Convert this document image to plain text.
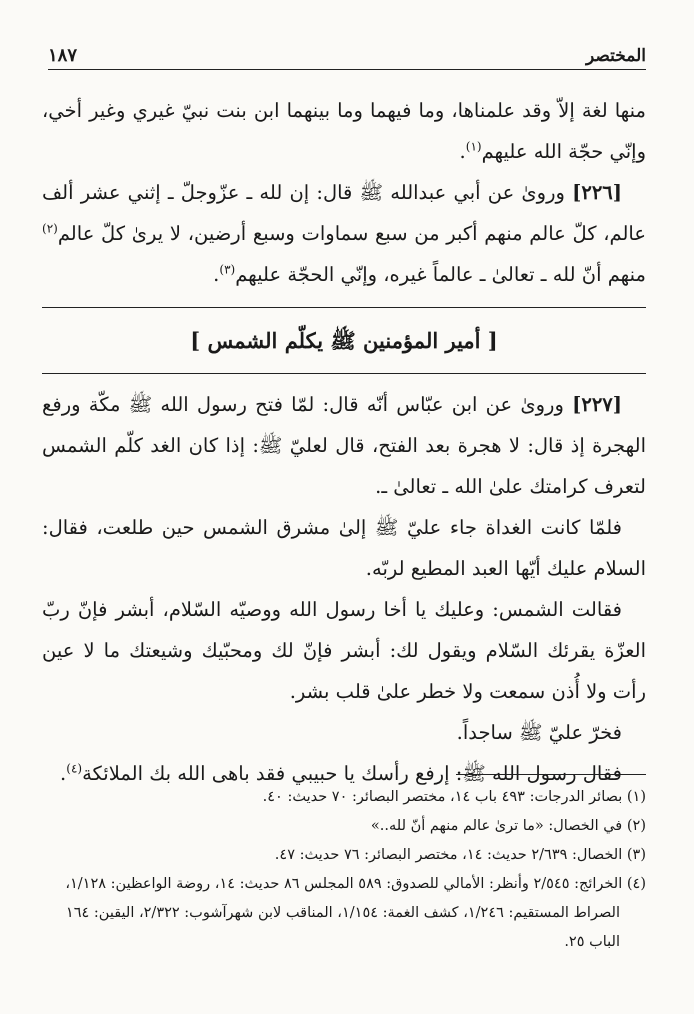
المختصر
١٨٧

منها لغة إلاّ وقد علمناها، وما فيهما وما بينهما ابن بنت نبيّ غيري وغير أخي، وإنّي حجّة الله عليهم$^{(١)}$.

[٢٢٦] وروىٰ عن أبي عبدالله ﷺ قال: إن لله ـ عزّوجلّ ـ إثني عشر ألف عالم، كلّ عالم منهم أكبر من سبع سماوات وسبع أرضين، لا يرىٰ كلّ عالم$^{(٢)}$ منهم أنّ لله ـ تعالىٰ ـ عالماً غيره، وإنّي الحجّة عليهم$^{(٣)}$.

[ أمير المؤمنين ﷺ يكلّم الشمس ]

[٢٢٧] وروىٰ عن ابن عبّاس أنّه قال: لمّا فتح رسول الله ﷺ مكّة ورفع الهجرة إذ قال: لا هجرة بعد الفتح، قال لعليّ ﷺ: إذا كان الغد كلّم الشمس لتعرف كرامتك علىٰ الله ـ تعالىٰ ـ.

فلمّا كانت الغداة جاء عليّ ﷺ إلىٰ مشرق الشمس حين طلعت، فقال: السلام عليك أيّها العبد المطيع لربّه.

فقالت الشمس: وعليك يا أخا رسول الله ووصيّه السّلام، أبشر فإنّ ربّ العزّة يقرئك السّلام ويقول لك: أبشر فإنّ لك ومحبّيك وشيعتك ما لا عين رأت ولا أُذن سمعت ولا خطر علىٰ قلب بشر.

فخرّ عليّ ﷺ ساجداً.

فقال رسول الله ﷺ: إرفع رأسك يا حبيبي فقد باهى الله بك الملائكة$^{(٤)}$.

(١) بصائر الدرجات: ٤٩٣ باب ١٤، مختصر البصائر: ٧٠ حديث: ٤٠.

(٢) في الخصال: «ما ترىٰ عالم منهم أنّ لله..»

(٣) الخصال: ٢/٦٣٩ حديث: ١٤، مختصر البصائر: ٧٦ حديث: ٤٧.

(٤) الخرائج: ٢/٥٤٥ وأنظر: الأمالي للصدوق: ٥٨٩ المجلس ٨٦ حديث: ١٤، روضة الواعظين: ١/١٢٨،

الصراط المستقيم: ١/٢٤٦، كشف الغمة: ١/١٥٤، المناقب لابن شهرآشوب: ٢/٣٢٢، اليقين: ١٦٤

الباب ٢٥.
